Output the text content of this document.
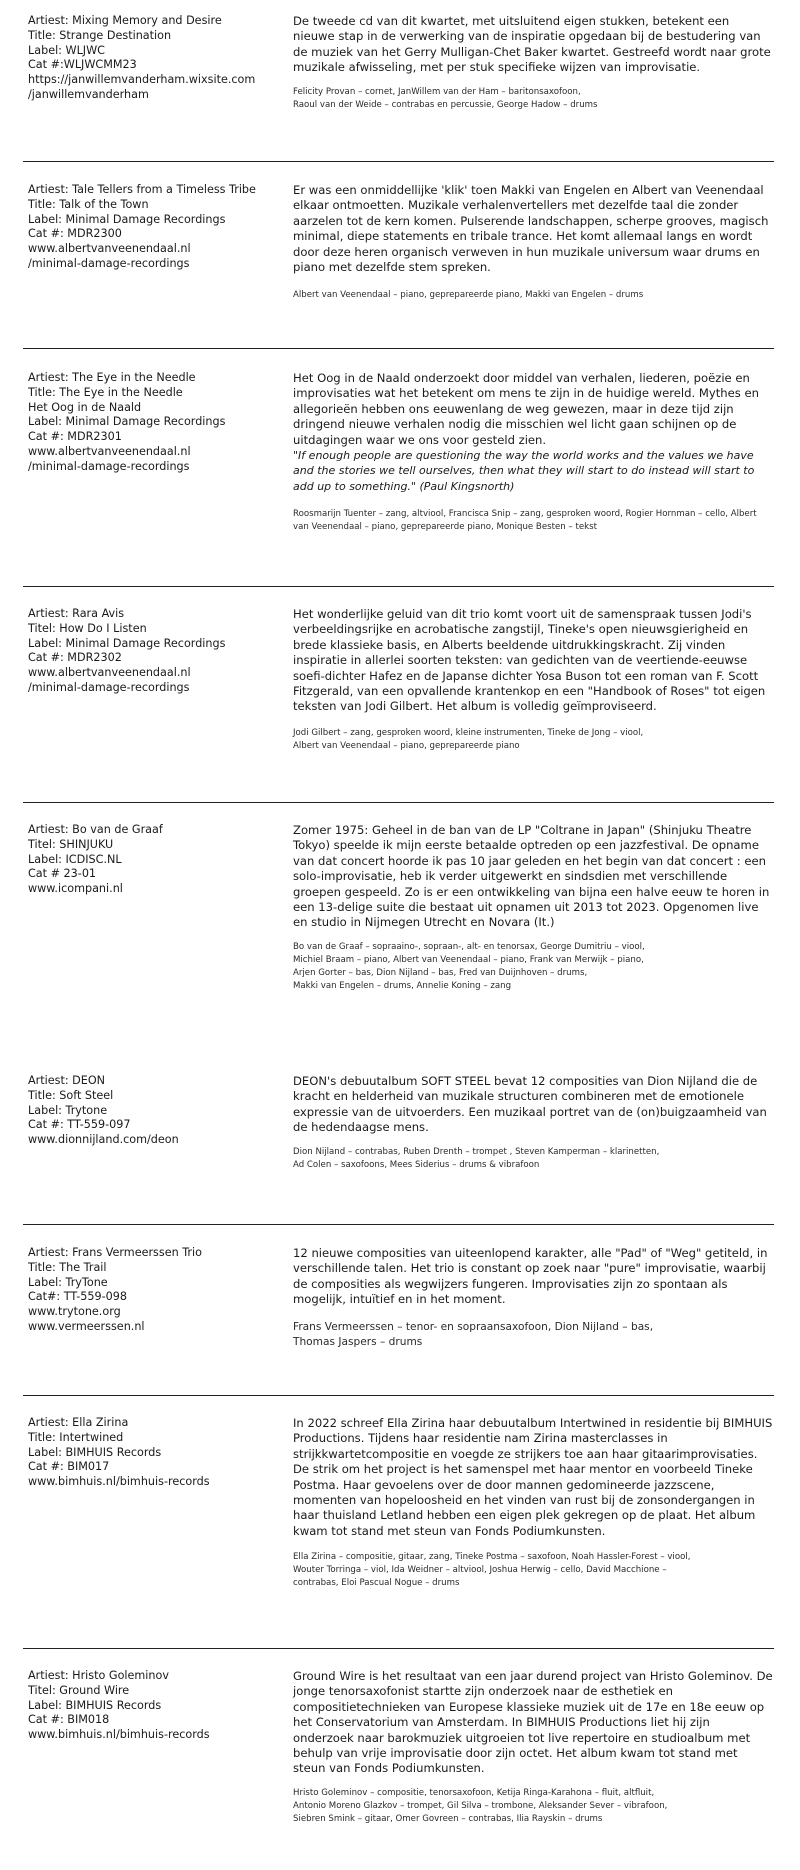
Artiest: Mixing Memory and Desire
Title: Strange Destination
Label: WLJWC
Cat #:WLJWCMM23
https://janwillemvanderham.wixsite.com
/janwillemvanderham

De tweede cd van dit kwartet, met uitsluitend eigen stukken, betekent een nieuwe stap in de verwerking van de inspiratie opgedaan bij de bestudering van de muziek van het Gerry Mulligan-Chet Baker kwartet. Gestreefd wordt naar grote muzikale afwisseling, met per stuk specifieke wijzen van improvisatie.

Felicity Provan – cornet, JanWillem van der Ham – baritonsaxofoon,
Raoul van der Weide – contrabas en percussie, George Hadow – drums

Artiest: Tale Tellers from a Timeless Tribe
Title: Talk of the Town
Label: Minimal Damage Recordings
Cat #: MDR2300
www.albertvanveenendaal.nl
/minimal-damage-recordings

Er was een onmiddellijke 'klik' toen Makki van Engelen en Albert van Veenendaal elkaar ontmoetten. Muzikale verhalenvertellers met dezelfde taal die zonder aarzelen tot de kern komen. Pulserende landschappen, scherpe grooves, magisch minimal, diepe statements en tribale trance. Het komt allemaal langs en wordt door deze heren organisch verweven in hun muzikale universum waar drums en piano met dezelfde stem spreken.

Albert van Veenendaal – piano, geprepareerde piano, Makki van Engelen – drums

Artiest: The Eye in the Needle
Title: The Eye in the Needle
Het Oog in de Naald
Label: Minimal Damage Recordings
Cat #: MDR2301
www.albertvanveenendaal.nl
/minimal-damage-recordings

Het Oog in de Naald onderzoekt door middel van verhalen, liederen, poëzie en improvisaties wat het betekent om mens te zijn in de huidige wereld. Mythes en allegorieën hebben ons eeuwenlang de weg gewezen, maar in deze tijd zijn dringend nieuwe verhalen nodig die misschien wel licht gaan schijnen op de uitdagingen waar we ons voor gesteld zien.

"If enough people are questioning the way the world works and the values we have and the stories we tell ourselves, then what they will start to do instead will start to add up to something." (Paul Kingsnorth)

Roosmarijn Tuenter – zang, altviool, Francisca Snip – zang, gesproken woord, Rogier Hornman – cello, Albert van Veenendaal – piano, geprepareerde piano, Monique Besten – tekst

Artiest: Rara Avis
Titel: How Do I Listen
Label: Minimal Damage Recordings
Cat #: MDR2302
www.albertvanveenendaal.nl
/minimal-damage-recordings

Het wonderlijke geluid van dit trio komt voort uit de samenspraak tussen Jodi's verbeeldingsrijke en acrobatische zangstijl, Tineke's open nieuwsgierigheid en brede klassieke basis, en Alberts beeldende uitdrukkingskracht. Zij vinden inspiratie in allerlei soorten teksten: van gedichten van de veertiende-eeuwse soefi-dichter Hafez en de Japanse dichter Yosa Buson tot een roman van F. Scott Fitzgerald, van een opvallende krantenkop en een "Handbook of Roses" tot eigen teksten van Jodi Gilbert. Het album is volledig geïmproviseerd.

Jodi Gilbert – zang, gesproken woord, kleine instrumenten, Tineke de Jong – viool,
Albert van Veenendaal – piano, geprepareerde piano

Artiest: Bo van de Graaf
Titel: SHINJUKU
Label: ICDISC.NL
Cat # 23-01
www.icompani.nl

Zomer 1975: Geheel in de ban van de LP "Coltrane in Japan" (Shinjuku Theatre Tokyo) speelde ik mijn eerste betaalde optreden op een jazzfestival. De opname van dat concert hoorde ik pas 10 jaar geleden en het begin van dat concert : een solo-improvisatie, heb ik verder uitgewerkt en sindsdien met verschillende groepen gespeeld. Zo is er een ontwikkeling van bijna een halve eeuw te horen in een 13-delige suite die bestaat uit opnamen uit 2013 tot 2023. Opgenomen live en studio in Nijmegen Utrecht en Novara (It.)

Bo van de Graaf – sopraaino-, sopraan-, alt- en tenorsax, George Dumitriu – viool,
Michiel Braam – piano, Albert van Veenendaal – piano, Frank van Merwijk – piano,
Arjen Gorter – bas, Dion Nijland – bas, Fred van Duijnhoven – drums,
Makki van Engelen – drums, Annelie Koning – zang

Artiest: DEON
Title: Soft Steel
Label: Trytone
Cat #: TT-559-097
www.dionnijland.com/deon

DEON's debuutalbum SOFT STEEL bevat 12 composities van Dion Nijland die de kracht en helderheid van muzikale structuren combineren met de emotionele expressie van de uitvoerders. Een muzikaal portret van de (on)buigzaamheid van de hedendaagse mens.

Dion Nijland – contrabas, Ruben Drenth – trompet , Steven Kamperman – klarinetten,
Ad Colen – saxofoons, Mees Siderius – drums & vibrafoon

Artiest: Frans Vermeerssen Trio
Title: The Trail
Label: TryTone
Cat#: TT-559-098
www.trytone.org
www.vermeerssen.nl

12 nieuwe composities van uiteenlopend karakter, alle "Pad" of "Weg" getiteld, in verschillende talen. Het trio is constant op zoek naar "pure" improvisatie, waarbij de composities als wegwijzers fungeren. Improvisaties zijn zo spontaan als mogelijk, intuïtief en in het moment.

Frans Vermeerssen – tenor- en sopraansaxofoon, Dion Nijland – bas,
Thomas Jaspers – drums

Artiest: Ella Zirina
Title: Intertwined
Label: BIMHUIS Records
Cat #: BIM017
www.bimhuis.nl/bimhuis-records

In 2022 schreef Ella Zirina haar debuutalbum Intertwined in residentie bij BIMHUIS Productions. Tijdens haar residentie nam Zirina masterclasses in strijkkwartetcompositie en voegde ze strijkers toe aan haar gitaarimprovisaties. De strik om het project is het samenspel met haar mentor en voorbeeld Tineke Postma. Haar gevoelens over de door mannen gedomineerde jazzscene, momenten van hopeloosheid en het vinden van rust bij de zonsondergangen in haar thuisland Letland hebben een eigen plek gekregen op de plaat. Het album kwam tot stand met steun van Fonds Podiumkunsten.

Ella Zirina – compositie, gitaar, zang, Tineke Postma – saxofoon, Noah Hassler-Forest – viool,
Wouter Torringa – viol, Ida Weidner – altviool, Joshua Herwig – cello, David Macchione –
contrabas, Eloi Pascual Nogue – drums

Artiest: Hristo Goleminov
Titel: Ground Wire
Label: BIMHUIS Records
Cat #: BIM018
www.bimhuis.nl/bimhuis-records

Ground Wire is het resultaat van een jaar durend project van Hristo Goleminov. De jonge tenorsaxofonist startte zijn onderzoek naar de esthetiek en compositietechnieken van Europese klassieke muziek uit de 17e en 18e eeuw op het Conservatorium van Amsterdam. In BIMHUIS Productions liet hij zijn onderzoek naar barokmuziek uitgroeien tot live repertoire en studioalbum met behulp van vrije improvisatie door zijn octet. Het album kwam tot stand met steun van Fonds Podiumkunsten.

Hristo Goleminov – compositie, tenorsaxofoon, Ketija Ringa-Karahona – fluit, altfluit,
Antonio Moreno Glazkov – trompet, Gil Silva – trombone, Aleksander Sever – vibrafoon,
Siebren Smink – gitaar, Omer Govreen – contrabas, Ilia Rayskin – drums
